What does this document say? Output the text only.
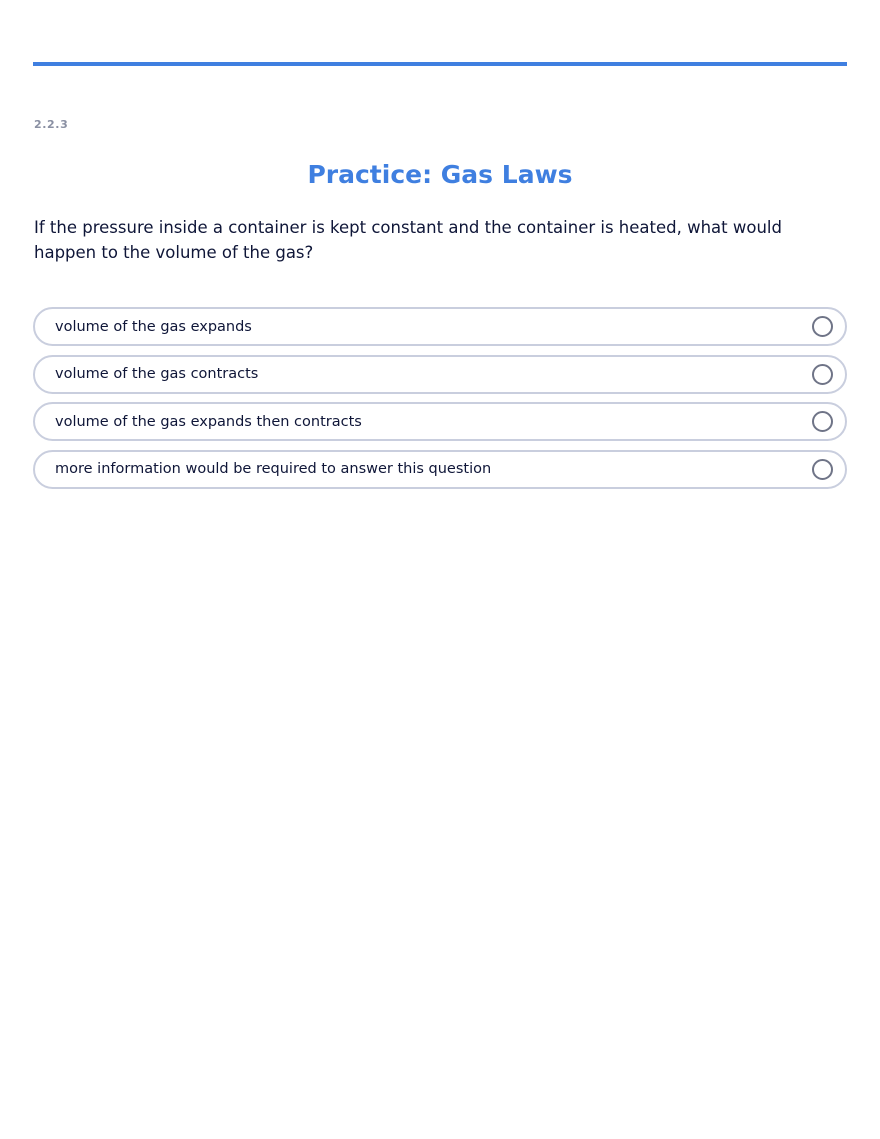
2.2.3
Practice: Gas Laws

If the pressure inside a container is kept constant and the container is heated, what would happen to the volume of the gas?

volume of the gas expands
volume of the gas contracts
volume of the gas expands then contracts
more information would be required to answer this question
